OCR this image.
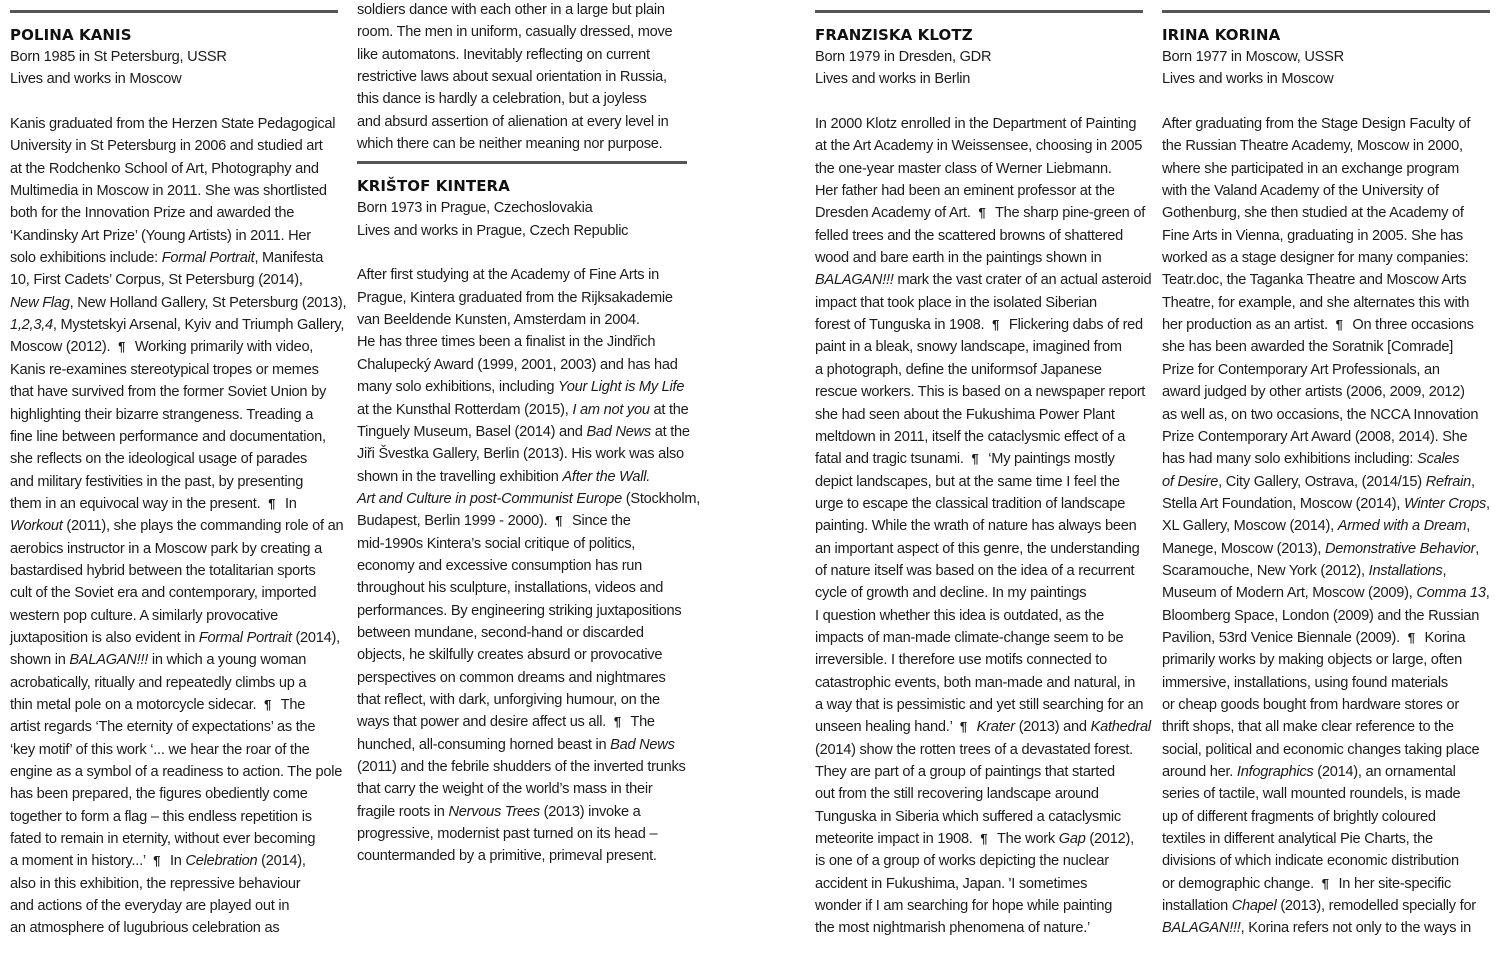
POLINA KANIS

Born 1985 in St Petersburg, USSR

Lives and works in Moscow

Kanis graduated from the Herzen State Pedagogical
University in St Petersburg in 2006 and studied art
at the Rodchenko School of Art, Photography and
Multimedia in Moscow in 2011. She was shortlisted
both for the Innovation Prize and awarded the
‘Kandinsky Art Prize’ (Young Artists) in 2011. Her
solo exhibitions include: Formal Portrait, Manifesta
10, First Cadets’ Corpus, St Petersburg (2014),
New Flag, New Holland Gallery, St Petersburg (2013),
1,2,3,4, Mystetskyi Arsenal, Kyiv and Triumph Gallery,
Moscow (2012). ¶ Working primarily with video,
Kanis re-examines stereotypical tropes or memes
that have survived from the former Soviet Union by
highlighting their bizarre strangeness. Treading a
fine line between performance and documentation,
she reflects on the ideological usage of parades
and military festivities in the past, by presenting
them in an equivocal way in the present. ¶ In
Workout (2011), she plays the commanding role of an
aerobics instructor in a Moscow park by creating a
bastardised hybrid between the totalitarian sports
cult of the Soviet era and contemporary, imported
western pop culture. A similarly provocative
juxtaposition is also evident in Formal Portrait (2014),
shown in BALAGAN!!! in which a young woman
acrobatically, ritually and repeatedly climbs up a
thin metal pole on a motorcycle sidecar. ¶ The
artist regards ‘The eternity of expectations’ as the
‘key motif’ of this work ‘... we hear the roar of the
engine as a symbol of a readiness to action. The pole
has been prepared, the figures obediently come
together to form a flag – this endless repetition is
fated to remain in eternity, without ever becoming
a moment in history...’ ¶ In Celebration (2014),
also in this exhibition, the repressive behaviour
and actions of the everyday are played out in
an atmosphere of lugubrious celebration as

soldiers dance with each other in a large but plain
room. The men in uniform, casually dressed, move
like automatons. Inevitably reflecting on current
restrictive laws about sexual orientation in Russia,
this dance is hardly a celebration, but a joyless
and absurd assertion of alienation at every level in
which there can be neither meaning nor purpose.

KRIŠTOF KINTERA

Born 1973 in Prague, Czechoslovakia

Lives and works in Prague, Czech Republic

After first studying at the Academy of Fine Arts in
Prague, Kintera graduated from the Rijksakademie
van Beeldende Kunsten, Amsterdam in 2004.
He has three times been a finalist in the Jindřich
Chalupecký Award (1999, 2001, 2003) and has had
many solo exhibitions, including Your Light is My Life
at the Kunsthal Rotterdam (2015), I am not you at the
Tinguely Museum, Basel (2014) and Bad News at the
Jiři Švestka Gallery, Berlin (2013). His work was also
shown in the travelling exhibition After the Wall.
Art and Culture in post-Communist Europe (Stockholm,
Budapest, Berlin 1999 - 2000). ¶ Since the
mid-1990s Kintera’s social critique of politics,
economy and excessive consumption has run
throughout his sculpture, installations, videos and
performances. By engineering striking juxtapositions
between mundane, second-hand or discarded
objects, he skilfully creates absurd or provocative
perspectives on common dreams and nightmares
that reflect, with dark, unforgiving humour, on the
ways that power and desire affect us all. ¶ The
hunched, all-consuming horned beast in Bad News
(2011) and the febrile shudders of the inverted trunks
that carry the weight of the world’s mass in their
fragile roots in Nervous Trees (2013) invoke a
progressive, modernist past turned on its head –
countermanded by a primitive, primeval present.

FRANZISKA KLOTZ

Born 1979 in Dresden, GDR

Lives and works in Berlin

In 2000 Klotz enrolled in the Department of Painting
at the Art Academy in Weissensee, choosing in 2005
the one-year master class of Werner Liebmann.
Her father had been an eminent professor at the
Dresden Academy of Art. ¶ The sharp pine-green of
felled trees and the scattered browns of shattered
wood and bare earth in the paintings shown in
BALAGAN!!! mark the vast crater of an actual asteroid
impact that took place in the isolated Siberian
forest of Tunguska in 1908. ¶ Flickering dabs of red
paint in a bleak, snowy landscape, imagined from
a photograph, define the uniformsof Japanese
rescue workers. This is based on a newspaper report
she had seen about the Fukushima Power Plant
meltdown in 2011, itself the cataclysmic effect of a
fatal and tragic tsunami. ¶ ‘My paintings mostly
depict landscapes, but at the same time I feel the
urge to escape the classical tradition of landscape
painting. While the wrath of nature has always been
an important aspect of this genre, the understanding
of nature itself was based on the idea of a recurrent
cycle of growth and decline. In my paintings
I question whether this idea is outdated, as the
impacts of man-made climate-change seem to be
irreversible. I therefore use motifs connected to
catastrophic events, both man-made and natural, in
a way that is pessimistic and yet still searching for an
unseen healing hand.’ ¶ Krater (2013) and Kathedral
(2014) show the rotten trees of a devastated forest.
They are part of a group of paintings that started
out from the still recovering landscape around
Tunguska in Siberia which suffered a cataclysmic
meteorite impact in 1908. ¶ The work Gap (2012),
is one of a group of works depicting the nuclear
accident in Fukushima, Japan. 'I sometimes
wonder if I am searching for hope while painting
the most nightmarish phenomena of nature.’

IRINA KORINA

Born 1977 in Moscow, USSR

Lives and works in Moscow

After graduating from the Stage Design Faculty of
the Russian Theatre Academy, Moscow in 2000,
where she participated in an exchange program
with the Valand Academy of the University of
Gothenburg, she then studied at the Academy of
Fine Arts in Vienna, graduating in 2005. She has
worked as a stage designer for many companies:
Teatr.doc, the Taganka Theatre and Moscow Arts
Theatre, for example, and she alternates this with
her production as an artist. ¶ On three occasions
she has been awarded the Soratnik [Comrade]
Prize for Contemporary Art Professionals, an
award judged by other artists (2006, 2009, 2012)
as well as, on two occasions, the NCCA Innovation
Prize Contemporary Art Award (2008, 2014). She
has had many solo exhibitions including: Scales
of Desire, City Gallery, Ostrava, (2014/15) Refrain,
Stella Art Foundation, Moscow (2014), Winter Crops,
XL Gallery, Moscow (2014), Armed with a Dream,
Manege, Moscow (2013), Demonstrative Behavior,
Scaramouche, New York (2012), Installations,
Museum of Modern Art, Moscow (2009), Comma 13,
Bloomberg Space, London (2009) and the Russian
Pavilion, 53rd Venice Biennale (2009). ¶ Korina
primarily works by making objects or large, often
immersive, installations, using found materials
or cheap goods bought from hardware stores or
thrift shops, that all make clear reference to the
social, political and economic changes taking place
around her. Infographics (2014), an ornamental
series of tactile, wall mounted roundels, is made
up of different fragments of brightly coloured
textiles in different analytical Pie Charts, the
divisions of which indicate economic distribution
or demographic change. ¶ In her site-specific
installation Chapel (2013), remodelled specially for
BALAGAN!!!, Korina refers not only to the ways in
